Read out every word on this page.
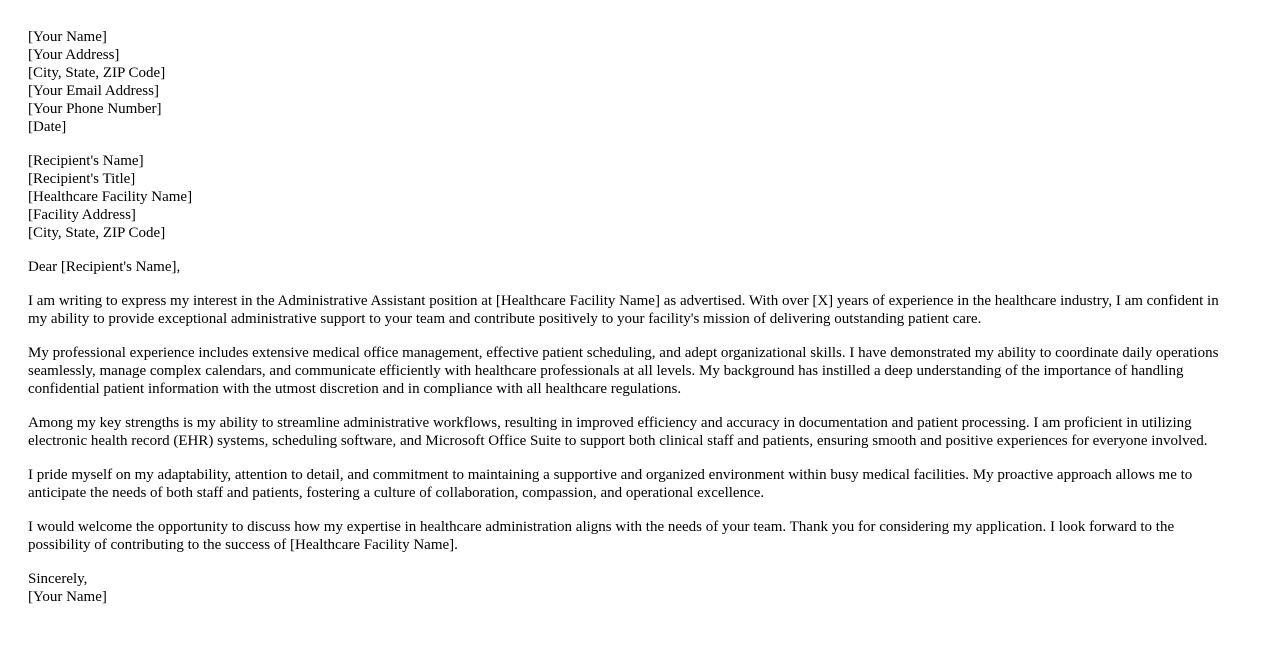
[Your Name]
[Your Address]
[City, State, ZIP Code]
[Your Email Address]
[Your Phone Number]
[Date]
[Recipient's Name]
[Recipient's Title]
[Healthcare Facility Name]
[Facility Address]
[City, State, ZIP Code]

Dear [Recipient's Name],

I am writing to express my interest in the Administrative Assistant position at [Healthcare Facility Name] as advertised. With over [X] years of experience in the healthcare industry, I am confident in my ability to provide exceptional administrative support to your team and contribute positively to your facility's mission of delivering outstanding patient care.

My professional experience includes extensive medical office management, effective patient scheduling, and adept organizational skills. I have demonstrated my ability to coordinate daily operations seamlessly, manage complex calendars, and communicate efficiently with healthcare professionals at all levels. My background has instilled a deep understanding of the importance of handling confidential patient information with the utmost discretion and in compliance with all healthcare regulations.

Among my key strengths is my ability to streamline administrative workflows, resulting in improved efficiency and accuracy in documentation and patient processing. I am proficient in utilizing electronic health record (EHR) systems, scheduling software, and Microsoft Office Suite to support both clinical staff and patients, ensuring smooth and positive experiences for everyone involved.

I pride myself on my adaptability, attention to detail, and commitment to maintaining a supportive and organized environment within busy medical facilities. My proactive approach allows me to anticipate the needs of both staff and patients, fostering a culture of collaboration, compassion, and operational excellence.

I would welcome the opportunity to discuss how my expertise in healthcare administration aligns with the needs of your team. Thank you for considering my application. I look forward to the possibility of contributing to the success of [Healthcare Facility Name].

Sincerely,
[Your Name]
